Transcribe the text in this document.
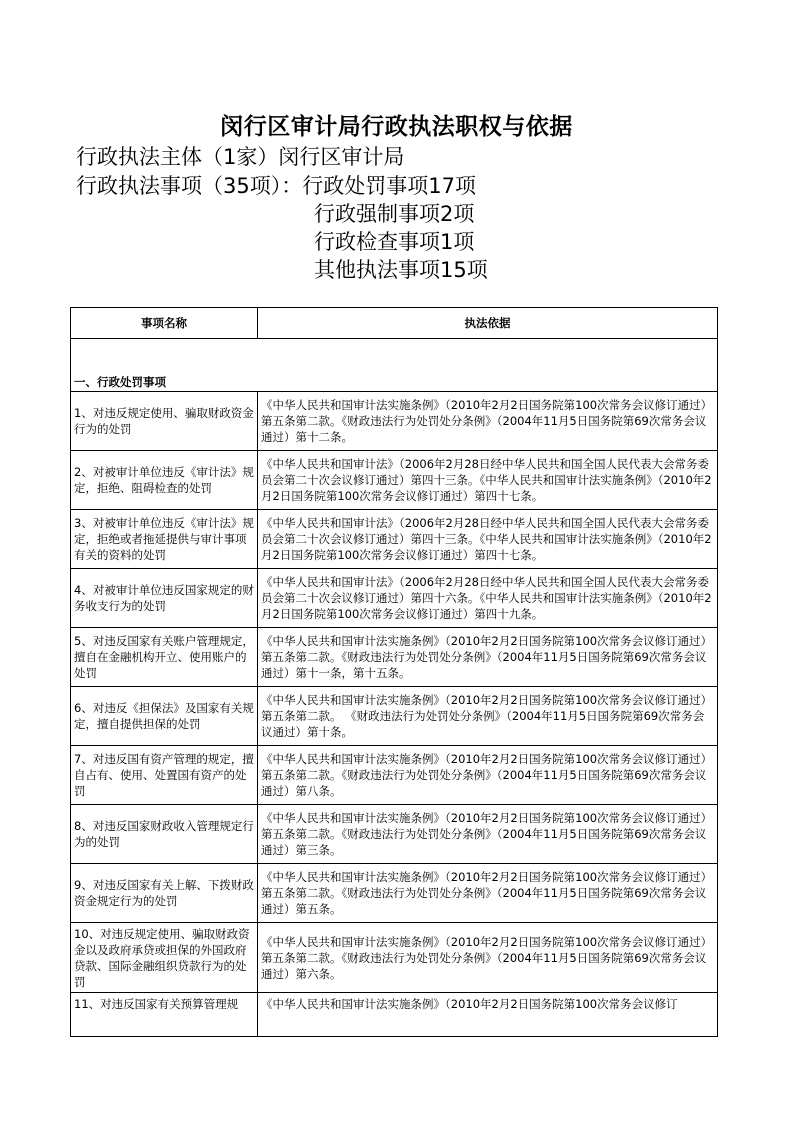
闵行区审计局行政执法职权与依据
行政执法主体（1家）闵行区审计局
行政执法事项（35项）：行政处罚事项17项
行政强制事项2项
行政检查事项1项
其他执法事项15项
事项名称	执法依据
一、行政处罚事项	
1、对违反规定使用、骗取财政资金行为的处罚	《中华人民共和国审计法实施条例》（2010年2月2日国务院第100次常务会议修订通过）第五条第二款。《财政违法行为处罚处分条例》（2004年11月5日国务院第69次常务会议通过）第十二条。
2、对被审计单位违反《审计法》规定，拒绝、阻碍检查的处罚	《中华人民共和国审计法》（2006年2月28日经中华人民共和国全国人民代表大会常务委员会第二十次会议修订通过）第四十三条。《中华人民共和国审计法实施条例》（2010年2月2日国务院第100次常务会议修订通过）第四十七条。
3、对被审计单位违反《审计法》规定，拒绝或者拖延提供与审计事项有关的资料的处罚	《中华人民共和国审计法》（2006年2月28日经中华人民共和国全国人民代表大会常务委员会第二十次会议修订通过）第四十三条。《中华人民共和国审计法实施条例》（2010年2月2日国务院第100次常务会议修订通过）第四十七条。
4、对被审计单位违反国家规定的财务收支行为的处罚	《中华人民共和国审计法》（2006年2月28日经中华人民共和国全国人民代表大会常务委员会第二十次会议修订通过）第四十六条。《中华人民共和国审计法实施条例》（2010年2月2日国务院第100次常务会议修订通过）第四十九条。
5、对违反国家有关账户管理规定，擅自在金融机构开立、使用账户的处罚	《中华人民共和国审计法实施条例》（2010年2月2日国务院第100次常务会议修订通过）第五条第二款。《财政违法行为处罚处分条例》（2004年11月5日国务院第69次常务会议通过）第十一条，第十五条。
6、对违反《担保法》及国家有关规定，擅自提供担保的处罚	《中华人民共和国审计法实施条例》（2010年2月2日国务院第100次常务会议修订通过）第五条第二款。 《财政违法行为处罚处分条例》（2004年11月5日国务院第69次常务会议通过）第十条。
7、对违反国有资产管理的规定，擅自占有、使用、处置国有资产的处罚	《中华人民共和国审计法实施条例》（2010年2月2日国务院第100次常务会议修订通过）第五条第二款。《财政违法行为处罚处分条例》（2004年11月5日国务院第69次常务会议通过）第八条。
8、对违反国家财政收入管理规定行为的处罚	《中华人民共和国审计法实施条例》（2010年2月2日国务院第100次常务会议修订通过）第五条第二款。《财政违法行为处罚处分条例》（2004年11月5日国务院第69次常务会议通过）第三条。
9、对违反国家有关上解、下拨财政资金规定行为的处罚	《中华人民共和国审计法实施条例》（2010年2月2日国务院第100次常务会议修订通过）第五条第二款。《财政违法行为处罚处分条例》（2004年11月5日国务院第69次常务会议通过）第五条。
10、对违反规定使用、骗取财政资金以及政府承贷或担保的外国政府贷款、国际金融组织贷款行为的处罚	《中华人民共和国审计法实施条例》（2010年2月2日国务院第100次常务会议修订通过）第五条第二款。《财政违法行为处罚处分条例》（2004年11月5日国务院第69次常务会议通过）第六条。
11、对违反国家有关预算管理规	《中华人民共和国审计法实施条例》（2010年2月2日国务院第100次常务会议修订
